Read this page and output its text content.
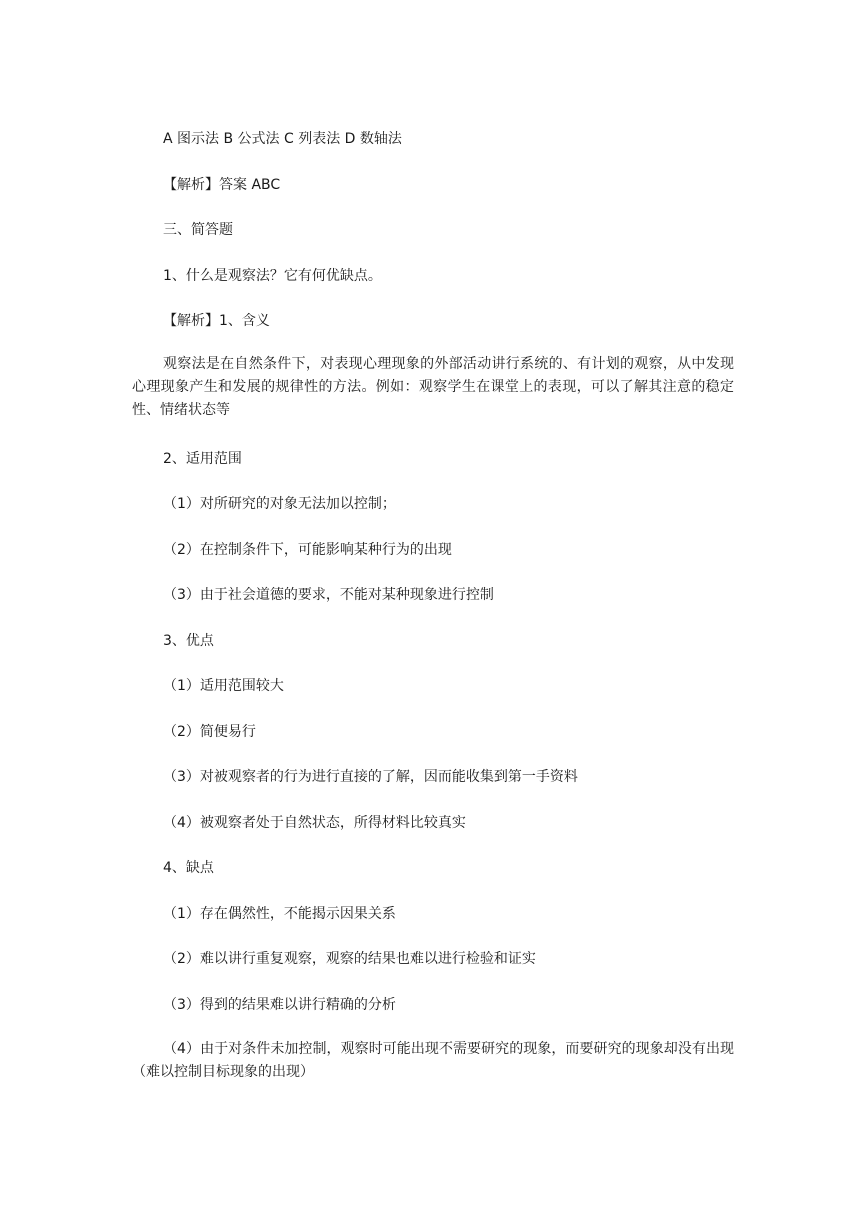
A 图示法 B 公式法 C 列表法 D 数轴法
【解析】答案 ABC
三、简答题
1、什么是观察法？它有何优缺点。
【解析】1、含义
观察法是在自然条件下，对表现心理现象的外部活动讲行系统的、有计划的观察，从中发现心理现象产生和发展的规律性的方法。例如：观察学生在课堂上的表现，可以了解其注意的稳定性、情绪状态等
2、适用范围
（1）对所研究的对象无法加以控制；
（2）在控制条件下，可能影响某种行为的出现
（3）由于社会道德的要求，不能对某种现象进行控制
3、优点
（1）适用范围较大
（2）简便易行
（3）对被观察者的行为进行直接的了解，因而能收集到第一手资料
（4）被观察者处于自然状态，所得材料比较真实
4、缺点
（1）存在偶然性，不能揭示因果关系
（2）难以讲行重复观察，观察的结果也难以进行检验和证实
（3）得到的结果难以讲行精确的分析
（4）由于对条件未加控制，观察时可能出现不需要研究的现象，而要研究的现象却没有出现（难以控制目标现象的出现）
